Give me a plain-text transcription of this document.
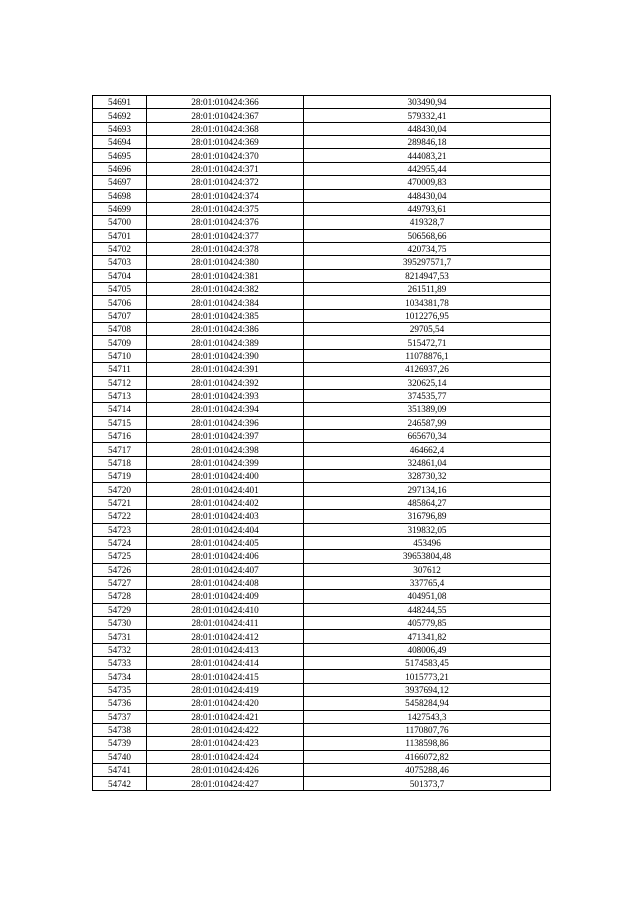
54691	28:01:010424:366	303490,94
54692	28:01:010424:367	579332,41
54693	28:01:010424:368	448430,04
54694	28:01:010424:369	289846,18
54695	28:01:010424:370	444083,21
54696	28:01:010424:371	442955,44
54697	28:01:010424:372	470009,83
54698	28:01:010424:374	448430,04
54699	28:01:010424:375	449793,61
54700	28:01:010424:376	419328,7
54701	28:01:010424:377	506568,66
54702	28:01:010424:378	420734,75
54703	28:01:010424:380	395297571,7
54704	28:01:010424:381	8214947,53
54705	28:01:010424:382	261511,89
54706	28:01:010424:384	1034381,78
54707	28:01:010424:385	1012276,95
54708	28:01:010424:386	29705,54
54709	28:01:010424:389	515472,71
54710	28:01:010424:390	11078876,1
54711	28:01:010424:391	4126937,26
54712	28:01:010424:392	320625,14
54713	28:01:010424:393	374535,77
54714	28:01:010424:394	351389,09
54715	28:01:010424:396	246587,99
54716	28:01:010424:397	665670,34
54717	28:01:010424:398	464662,4
54718	28:01:010424:399	324861,04
54719	28:01:010424:400	328730,32
54720	28:01:010424:401	297134,16
54721	28:01:010424:402	485864,27
54722	28:01:010424:403	316796,89
54723	28:01:010424:404	319832,05
54724	28:01:010424:405	453496
54725	28:01:010424:406	39653804,48
54726	28:01:010424:407	307612
54727	28:01:010424:408	337765,4
54728	28:01:010424:409	404951,08
54729	28:01:010424:410	448244,55
54730	28:01:010424:411	405779,85
54731	28:01:010424:412	471341,82
54732	28:01:010424:413	408006,49
54733	28:01:010424:414	5174583,45
54734	28:01:010424:415	1015773,21
54735	28:01:010424:419	3937694,12
54736	28:01:010424:420	5458284,94
54737	28:01:010424:421	1427543,3
54738	28:01:010424:422	1170807,76
54739	28:01:010424:423	1138598,86
54740	28:01:010424:424	4166072,82
54741	28:01:010424:426	4075288,46
54742	28:01:010424:427	501373,7
